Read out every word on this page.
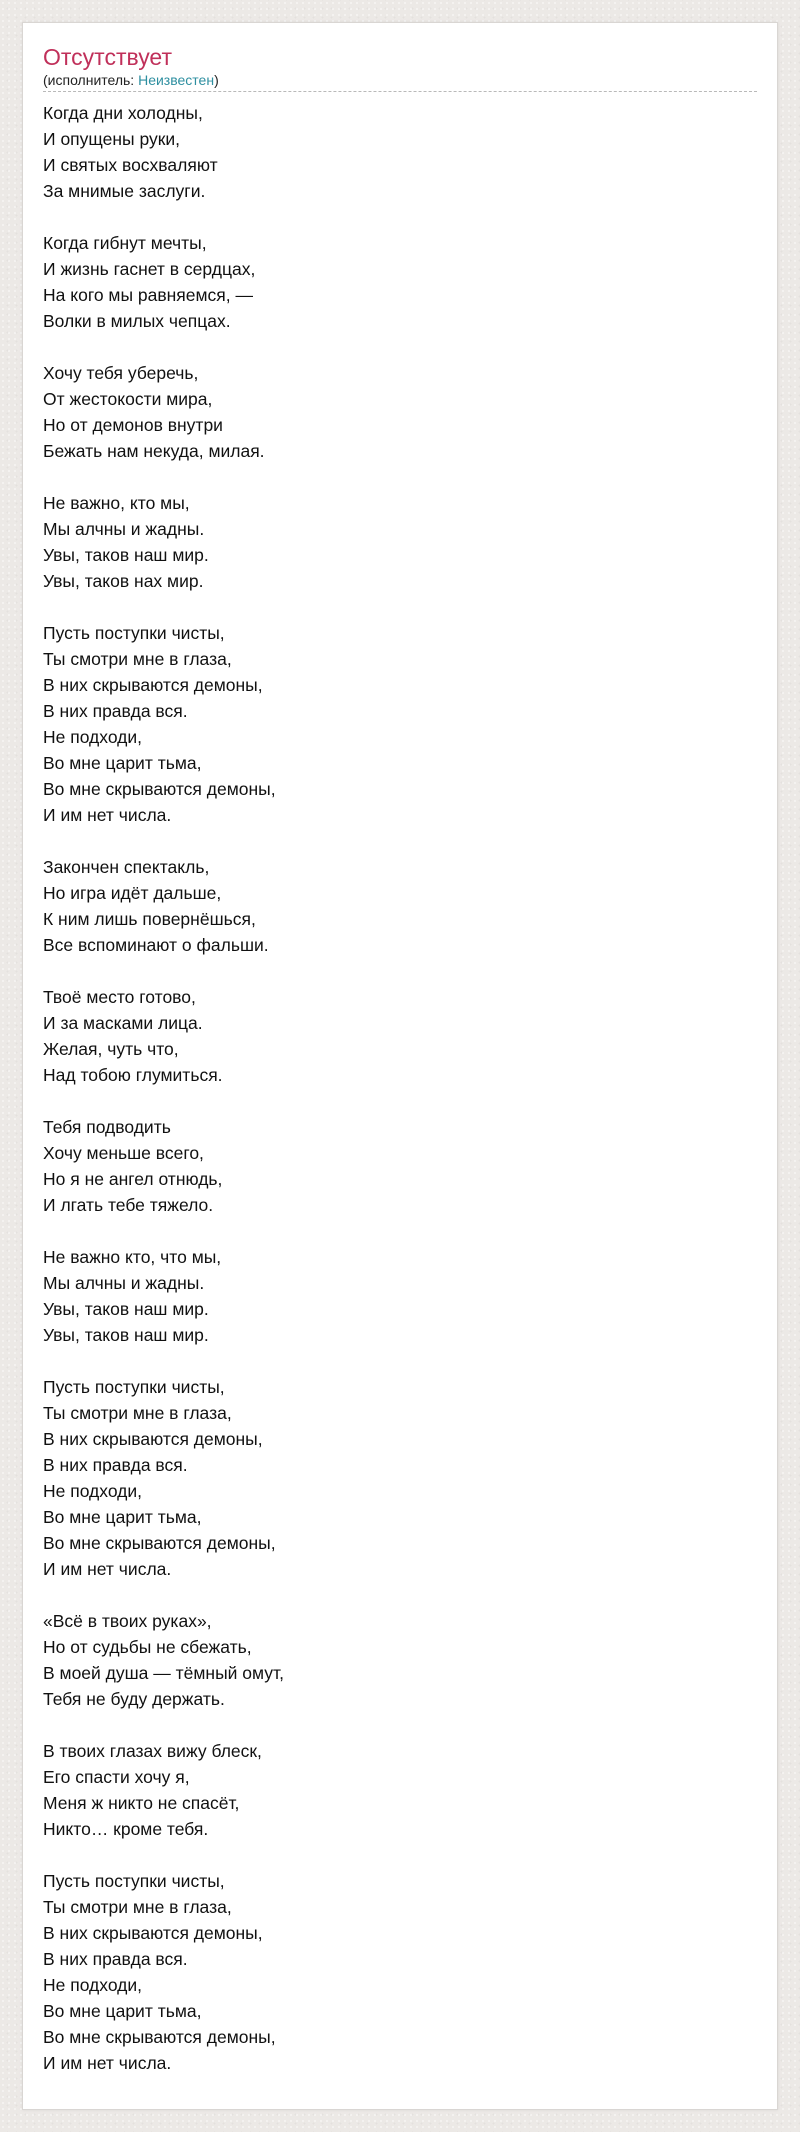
Отсутствует
(исполнитель: Неизвестен)
Когда дни холодны,
И опущены руки,
И святых восхваляют
За мнимые заслуги.
Когда гибнут мечты,
И жизнь гаснет в сердцах,
На кого мы равняемся, —
Волки в милых чепцах.
Хочу тебя уберечь,
От жестокости мира,
Но от демонов внутри
Бежать нам некуда, милая.
Не важно, кто мы,
Мы алчны и жадны.
Увы, таков наш мир.
Увы, таков нах мир.
Пусть поступки чисты,
Ты смотри мне в глаза,
В них скрываются демоны,
В них правда вся.
Не подходи,
Во мне царит тьма,
Во мне скрываются демоны,
И им нет числа.
Закончен спектакль,
Но игра идёт дальше,
К ним лишь повернёшься,
Все вспоминают о фальши.
Твоё место готово,
И за масками лица.
Желая, чуть что,
Над тобою глумиться.
Тебя подводить
Хочу меньше всего,
Но я не ангел отнюдь,
И лгать тебе тяжело.
Не важно кто, что мы,
Мы алчны и жадны.
Увы, таков наш мир.
Увы, таков наш мир.
Пусть поступки чисты,
Ты смотри мне в глаза,
В них скрываются демоны,
В них правда вся.
Не подходи,
Во мне царит тьма,
Во мне скрываются демоны,
И им нет числа.
«Всё в твоих руках»,
Но от судьбы не сбежать,
В моей душа — тёмный омут,
Тебя не буду держать.
В твоих глазах вижу блеск,
Его спасти хочу я,
Меня ж никто не спасёт,
Никто… кроме тебя.
Пусть поступки чисты,
Ты смотри мне в глаза,
В них скрываются демоны,
В них правда вся.
Не подходи,
Во мне царит тьма,
Во мне скрываются демоны,
И им нет числа.
